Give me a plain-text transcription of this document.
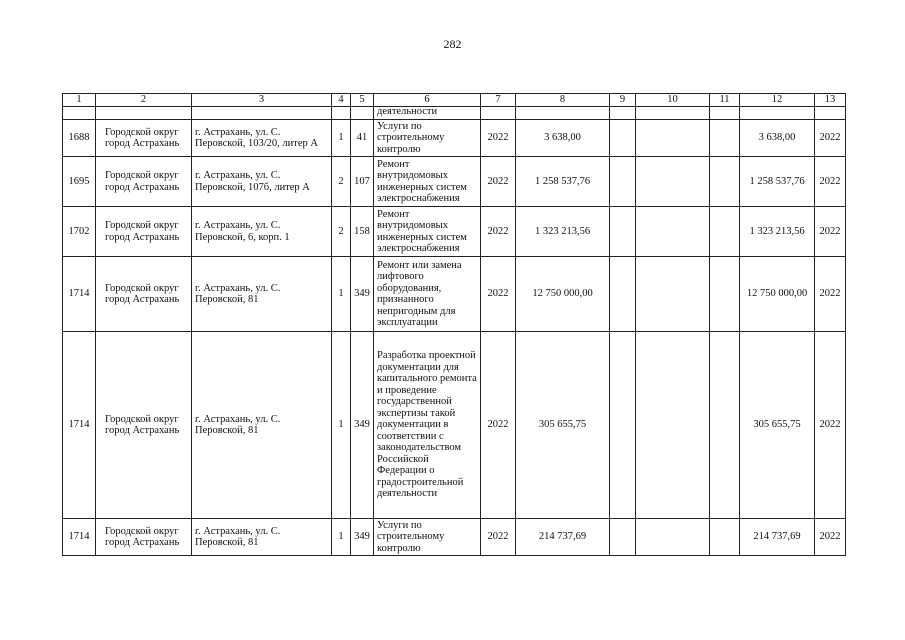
282
1	2	3	4	5	6	7	8	9	10	11	12	13
					деятельности							
1688	Городской округ город Астрахань	г. Астрахань, ул. С. Перовской, 103/20, литер А	1	41	Услуги по строительному контролю	2022	3 638,00				3 638,00	2022
1695	Городской округ город Астрахань	г. Астрахань, ул. С. Перовской, 107б, литер А	2	107	Ремонт внутридомовых инженерных систем электроснабжения	2022	1 258 537,76				1 258 537,76	2022
1702	Городской округ город Астрахань	г. Астрахань, ул. С. Перовской, 6, корп. 1	2	158	Ремонт внутридомовых инженерных систем электроснабжения	2022	1 323 213,56				1 323 213,56	2022
1714	Городской округ город Астрахань	г. Астрахань, ул. С. Перовской, 81	1	349	Ремонт или замена лифтового оборудования, признанного непригодным для эксплуатации	2022	12 750 000,00				12 750 000,00	2022
1714	Городской округ город Астрахань	г. Астрахань, ул. С. Перовской, 81	1	349	Разработка проектной документации для капитального ремонта и проведение государственной экспертизы такой документации в соответствии с законодательством Российской Федерации о градостроительной деятельности	2022	305 655,75				305 655,75	2022
1714	Городской округ город Астрахань	г. Астрахань, ул. С. Перовской, 81	1	349	Услуги по строительному контролю	2022	214 737,69				214 737,69	2022
